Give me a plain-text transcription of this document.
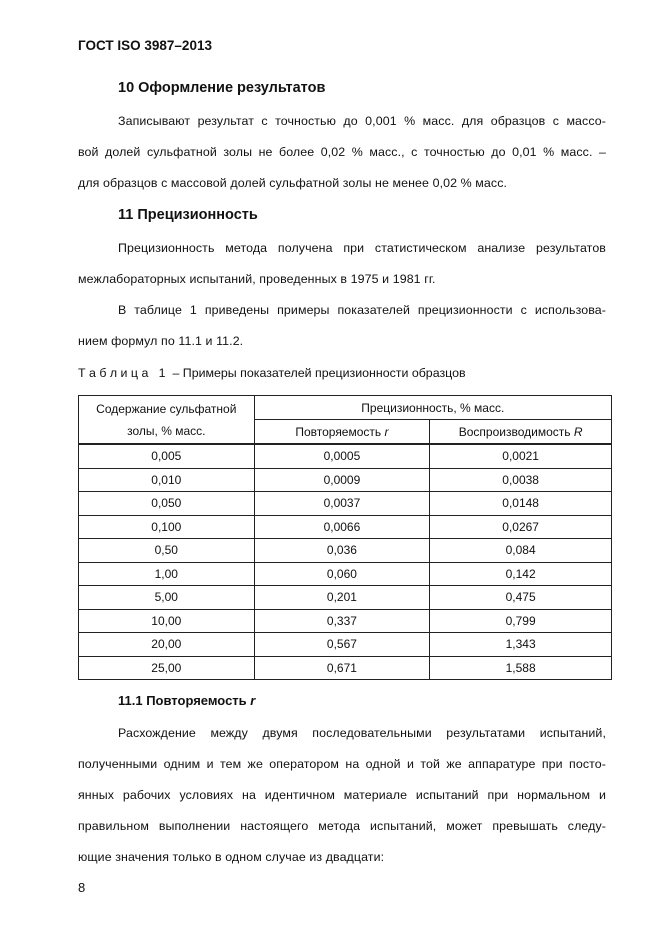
ГОСТ ISO 3987–2013
10 Оформление результатов
Записывают результат с точностью до 0,001 % масс. для образцов с массо-
вой долей сульфатной золы не более 0,02 % масс., с точностью до 0,01 % масс. –
для образцов с массовой долей сульфатной золы не менее 0,02 % масс.
11 Прецизионность
Прецизионность метода получена при статистическом анализе результатов
межлабораторных испытаний, проведенных в 1975 и 1981 гг.
В таблице 1 приведены примеры показателей прецизионности с использова-
нием формул по 11.1 и 11.2.
Т а б л и ц а   1  – Примеры показателей прецизионности образцов
Содержание сульфатной
золы, % масс.	Прецизионность, % масс.	
	Повторяемость r	Воспроизводимость R
0,005	0,0005	0,0021
0,010	0,0009	0,0038
0,050	0,0037	0,0148
0,100	0,0066	0,0267
0,50	0,036	0,084
1,00	0,060	0,142
5,00	0,201	0,475
10,00	0,337	0,799
20,00	0,567	1,343
25,00	0,671	1,588
11.1 Повторяемость r
Расхождение между двумя последовательными результатами испытаний,
полученными одним и тем же оператором на одной и той же аппаратуре при посто-
янных рабочих условиях на идентичном материале испытаний при нормальном и
правильном выполнении настоящего метода испытаний, может превышать следу-
ющие значения только в одном случае из двадцати:
8
